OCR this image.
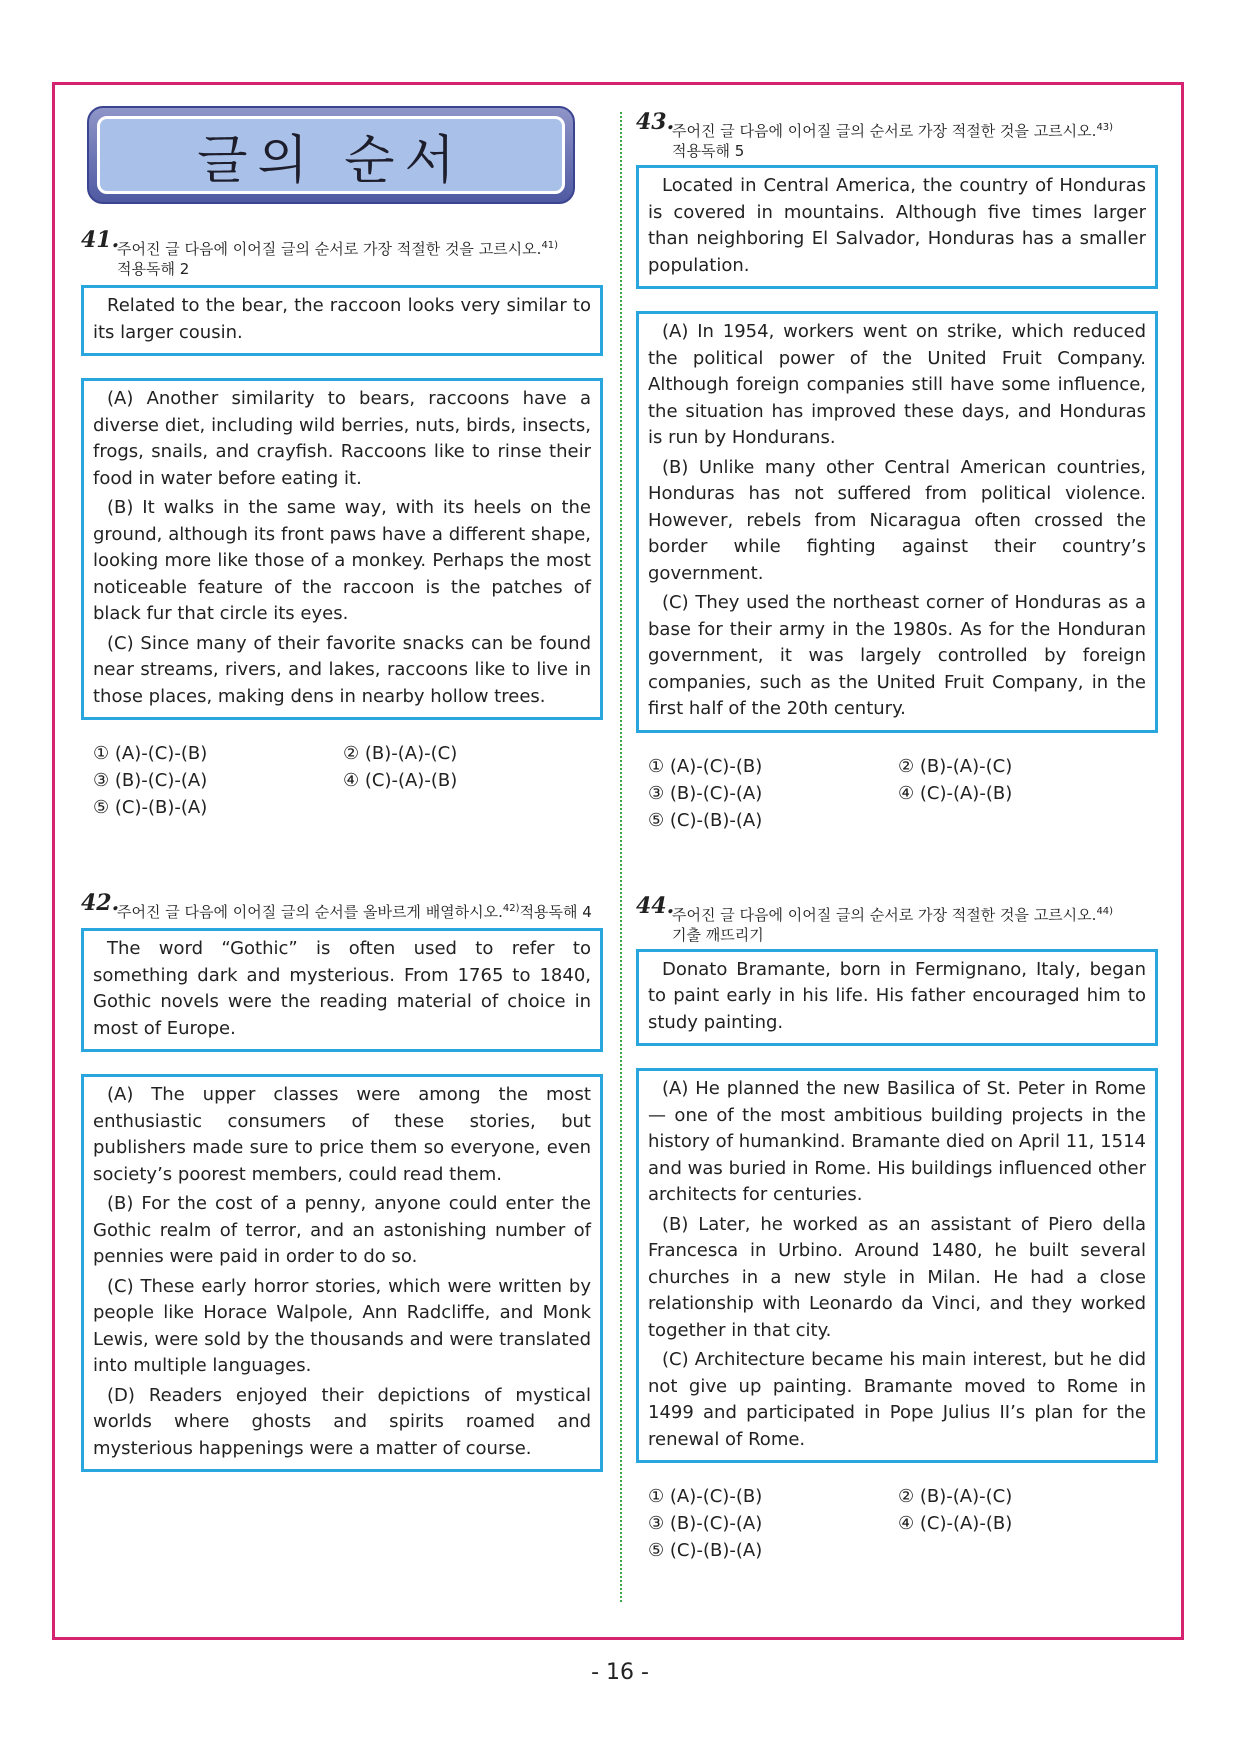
글의 순서
41.
주어진 글 다음에 이어질 글의 순서로 가장 적절한 것을 고르시오.$^{41)}$
적용독해 2

Related to the bear, the raccoon looks very similar to its larger cousin.

(A) Another similarity to bears, raccoons have a diverse diet, including wild berries, nuts, birds, insects, frogs, snails, and crayfish. Raccoons like to rinse their food in water before eating it.

(B) It walks in the same way, with its heels on the ground, although its front paws have a different shape, looking more like those of a monkey. Perhaps the most noticeable feature of the raccoon is the patches of black fur that circle its eyes.

(C) Since many of their favorite snacks can be found near streams, rivers, and lakes, raccoons like to live in those places, making dens in nearby hollow trees.

① (A)-(C)-(B)	② (B)-(A)-(C)
③ (B)-(C)-(A)	④ (C)-(A)-(B)
⑤ (C)-(B)-(A)
42.
주어진 글 다음에 이어질 글의 순서를 올바르게 배열하시오.$^{42)}$적용독해 4

The word “Gothic” is often used to refer to something dark and mysterious. From 1765 to 1840, Gothic novels were the reading material of choice in most of Europe.

(A) The upper classes were among the most enthusiastic consumers of these stories, but publishers made sure to price them so everyone, even society’s poorest members, could read them.

(B) For the cost of a penny, anyone could enter the Gothic realm of terror, and an astonishing number of pennies were paid in order to do so.

(C) These early horror stories, which were written by people like Horace Walpole, Ann Radcliffe, and Monk Lewis, were sold by the thousands and were translated into multiple languages.

(D) Readers enjoyed their depictions of mystical worlds where ghosts and spirits roamed and mysterious happenings were a matter of course.

43.
주어진 글 다음에 이어질 글의 순서로 가장 적절한 것을 고르시오.$^{43)}$
적용독해 5

Located in Central America, the country of Honduras is covered in mountains. Although five times larger than neighboring El Salvador, Honduras has a smaller population.

(A) In 1954, workers went on strike, which reduced the political power of the United Fruit Company. Although foreign companies still have some influence, the situation has improved these days, and Honduras is run by Hondurans.

(B) Unlike many other Central American countries, Honduras has not suffered from political violence. However, rebels from Nicaragua often crossed the border while fighting against their country’s government.

(C) They used the northeast corner of Honduras as a base for their army in the 1980s. As for the Honduran government, it was largely controlled by foreign companies, such as the United Fruit Company, in the first half of the 20th century.

① (A)-(C)-(B)	② (B)-(A)-(C)
③ (B)-(C)-(A)	④ (C)-(A)-(B)
⑤ (C)-(B)-(A)
44.
주어진 글 다음에 이어질 글의 순서로 가장 적절한 것을 고르시오.$^{44)}$
기출 깨뜨리기

Donato Bramante, born in Fermignano, Italy, began to paint early in his life. His father encouraged him to study painting.

(A) He planned the new Basilica of St. Peter in Rome — one of the most ambitious building projects in the history of humankind. Bramante died on April 11, 1514 and was buried in Rome. His buildings influenced other architects for centuries.

(B) Later, he worked as an assistant of Piero della Francesca in Urbino. Around 1480, he built several churches in a new style in Milan. He had a close relationship with Leonardo da Vinci, and they worked together in that city.

(C) Architecture became his main interest, but he did not give up painting. Bramante moved to Rome in 1499 and participated in Pope Julius II’s plan for the renewal of Rome.

① (A)-(C)-(B)	② (B)-(A)-(C)
③ (B)-(C)-(A)	④ (C)-(A)-(B)
⑤ (C)-(B)-(A)
- 16 -
